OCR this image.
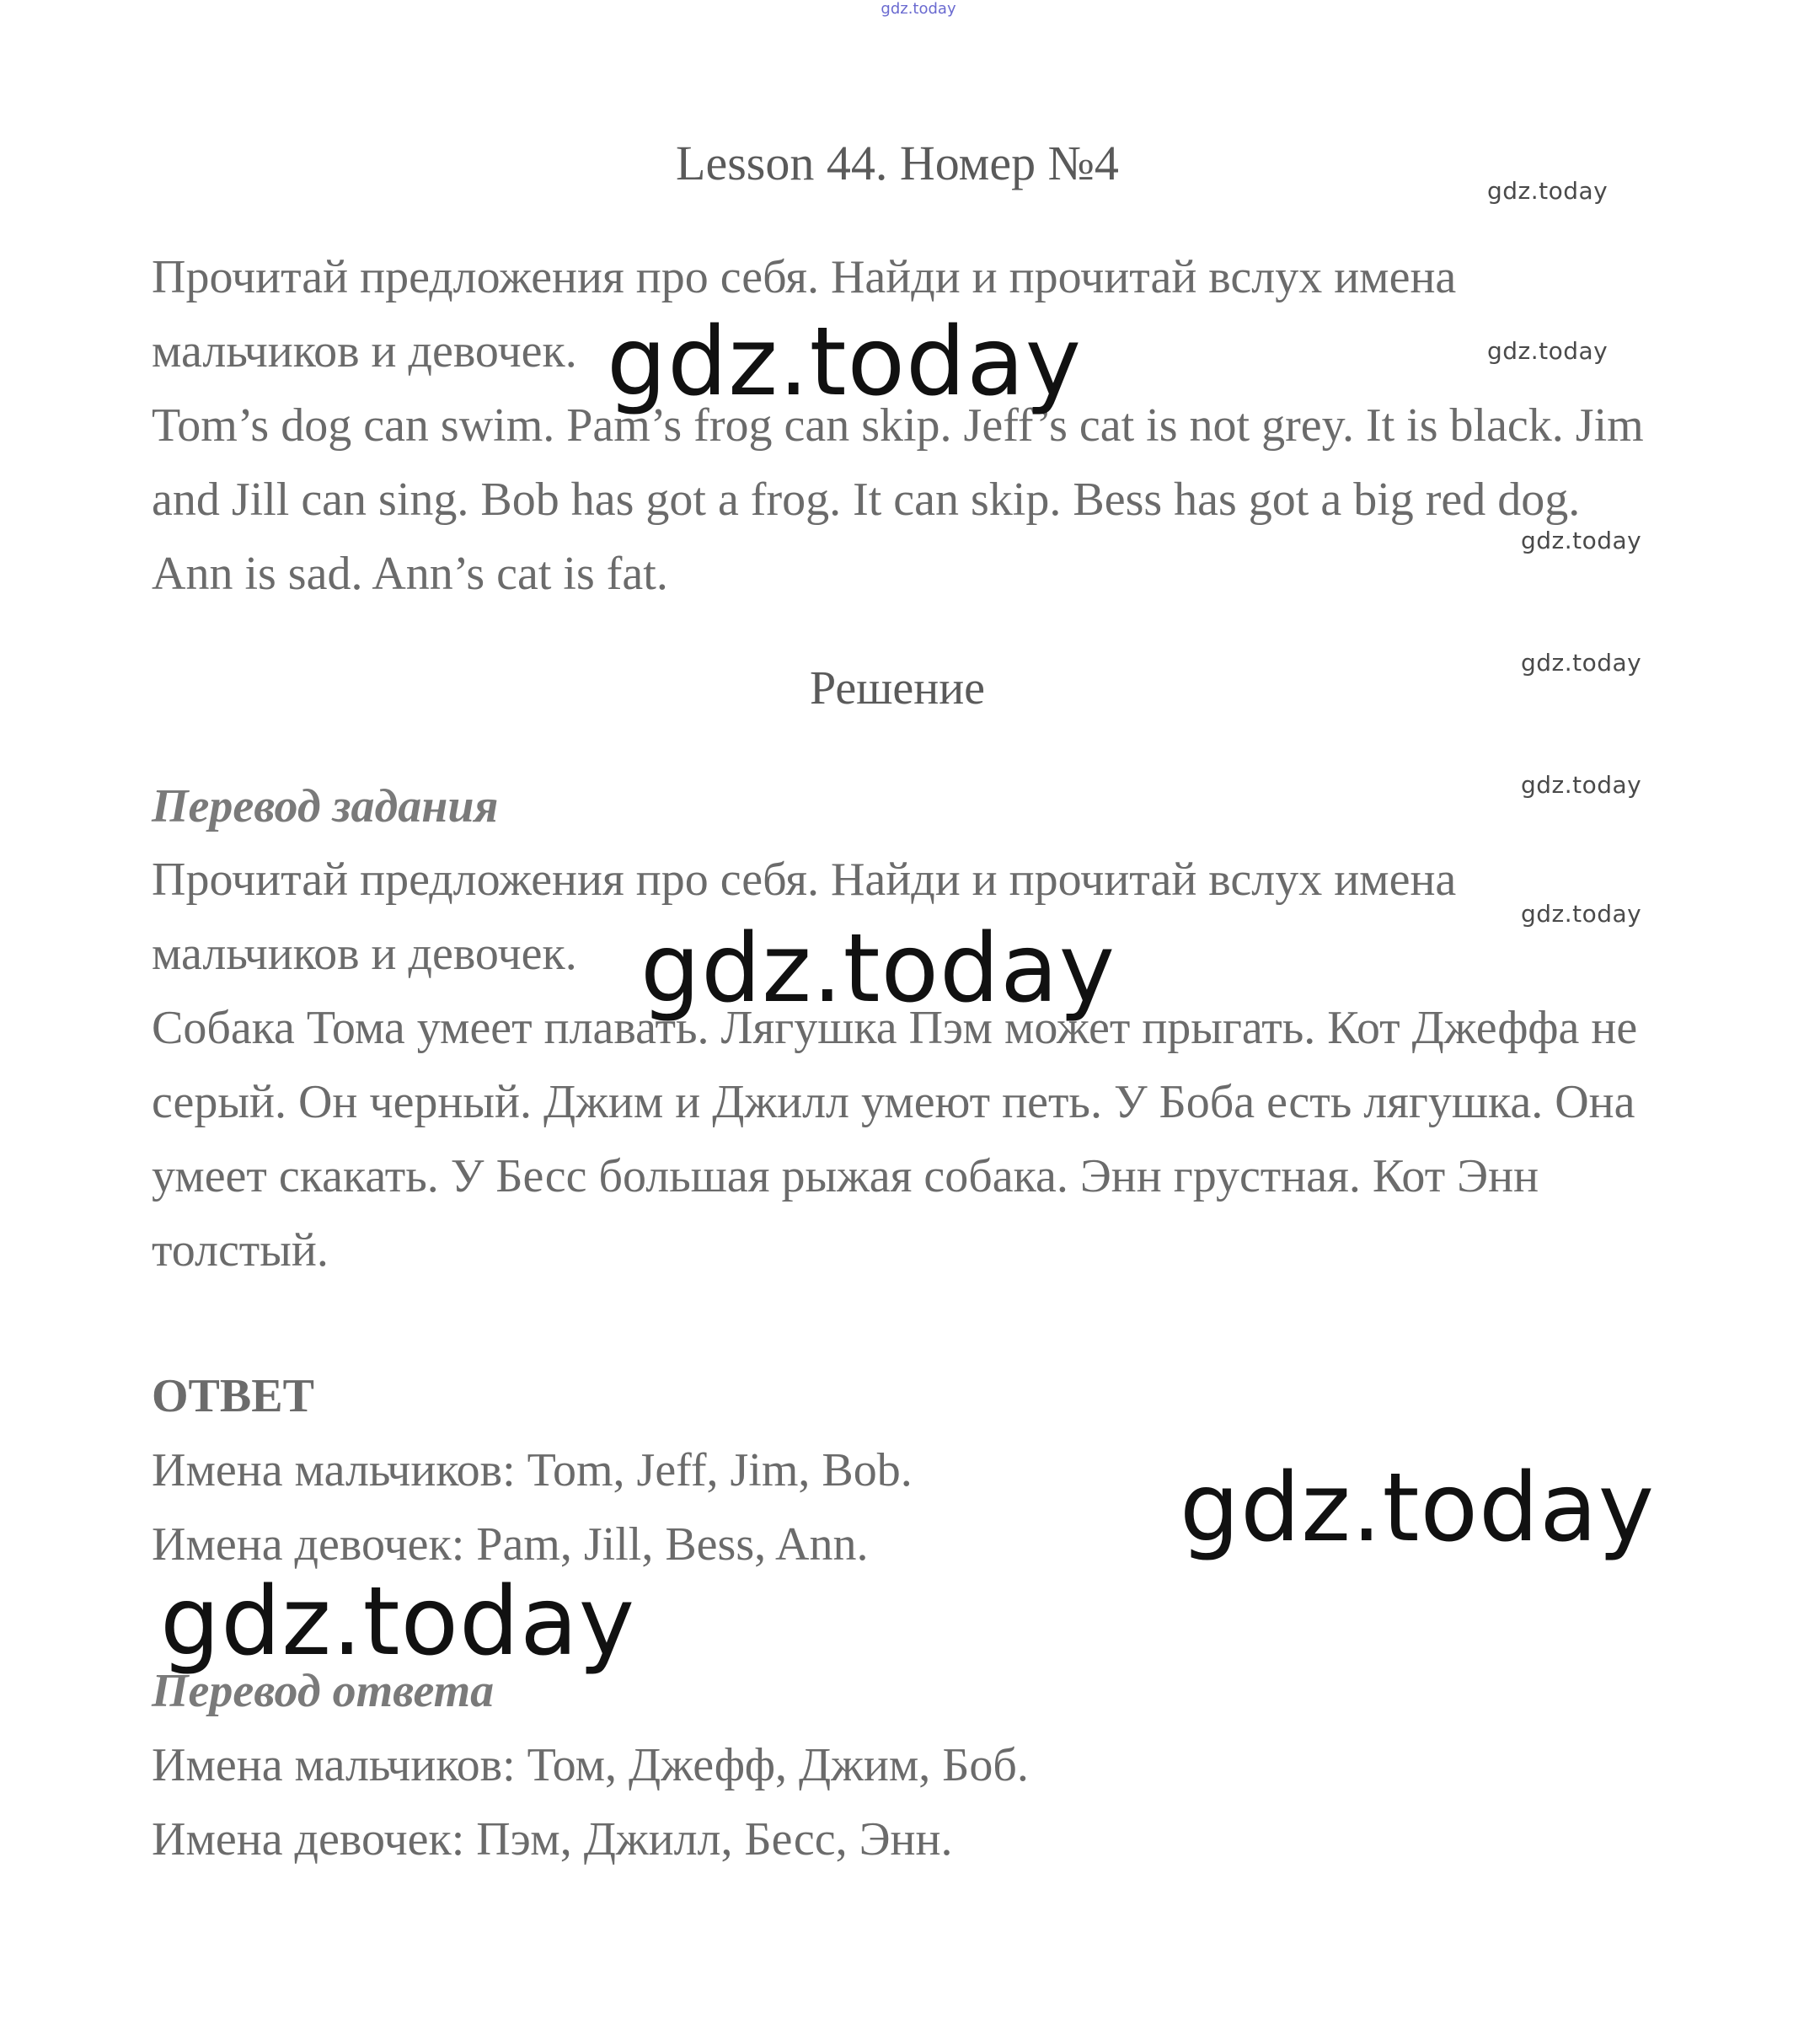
gdz.today
Lesson 44. Номер №4

Прочитай предложения про себя. Найди и прочитай вслух имена мальчиков и девочек.

Tom’s dog can swim. Pam’s frog can skip. Jeff’s cat is not grey. It is black. Jim and Jill can sing. Bob has got a frog. It can skip. Bess has got a big red dog. Ann is sad. Ann’s cat is fat.

Решение
Перевод задания

Прочитай предложения про себя. Найди и прочитай вслух имена мальчиков и девочек.

Собака Тома умеет плавать. Лягушка Пэм может прыгать. Кот Джеффа не серый. Он черный. Джим и Джилл умеют петь. У Боба есть лягушка. Она умеет скакать. У Бесс большая рыжая собака. Энн грустная. Кот Энн толстый.

ОТВЕТ
Имена мальчиков: Tom, Jeff, Jim, Bob.
Имена девочек: Pam, Jill, Bess, Ann.
Перевод ответа
Имена мальчиков: Том, Джефф, Джим, Боб.
Имена девочек: Пэм, Джилл, Бесс, Энн.
gdz.today
gdz.today
gdz.today
gdz.today
gdz.today
gdz.today
gdz.today
gdz.today
gdz.today
gdz.today
